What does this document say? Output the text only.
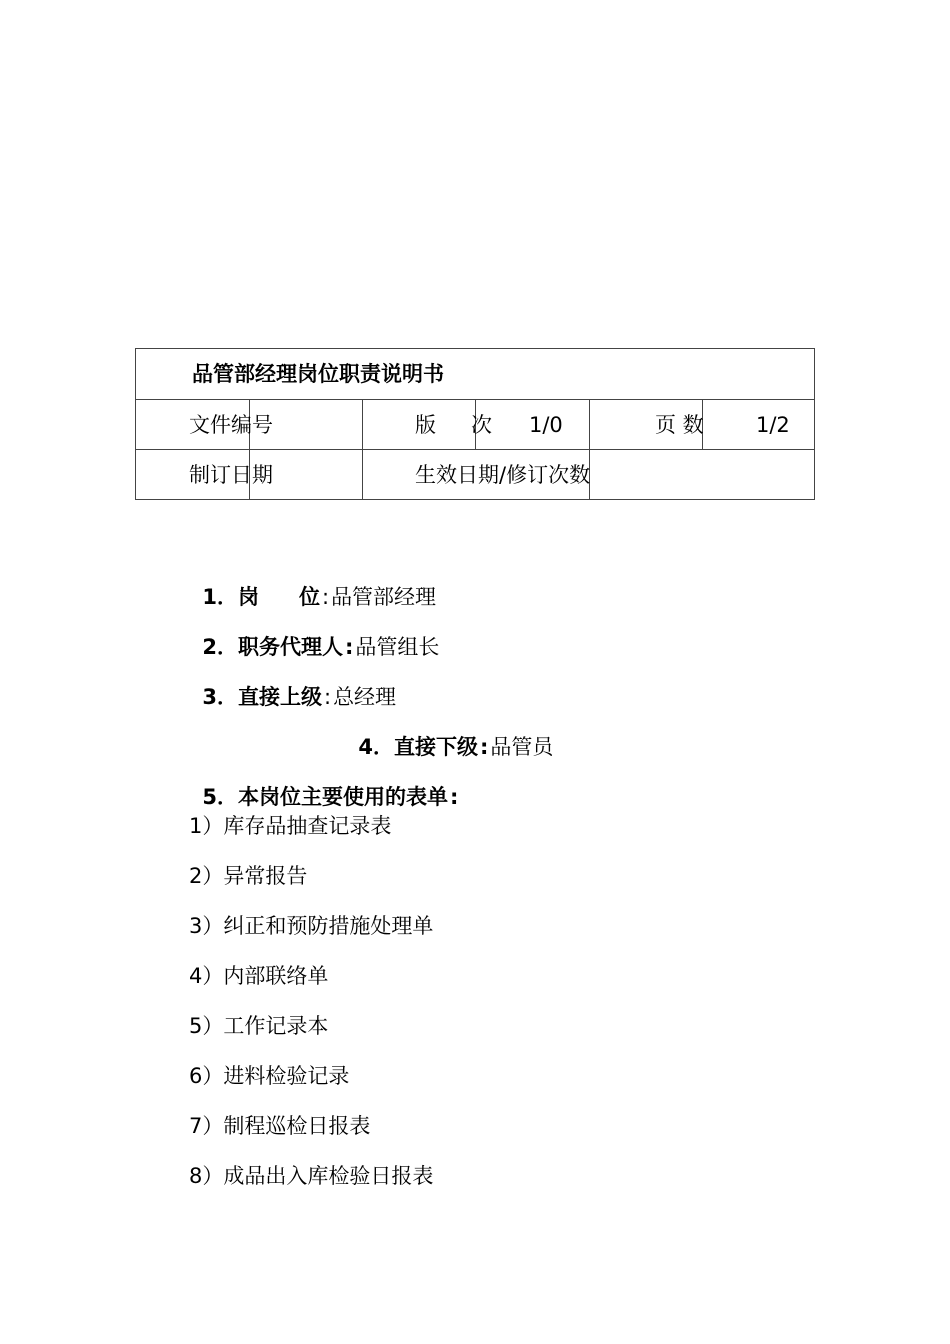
品管部经理岗位职责说明书
文件编号	版 次 1/0	页 数 1/2
制订日期	生效日期/修订次数

1．岗 位:品管部经理

2．职务代理人:品管组长

3．直接上级:总经理

4．直接下级:品管员

5．本岗位主要使用的表单:

1）库存品抽查记录表
2）异常报告
3）纠正和预防措施处理单
4）内部联络单
5）工作记录本
6）进料检验记录
7）制程巡检日报表
8）成品出入库检验日报表
